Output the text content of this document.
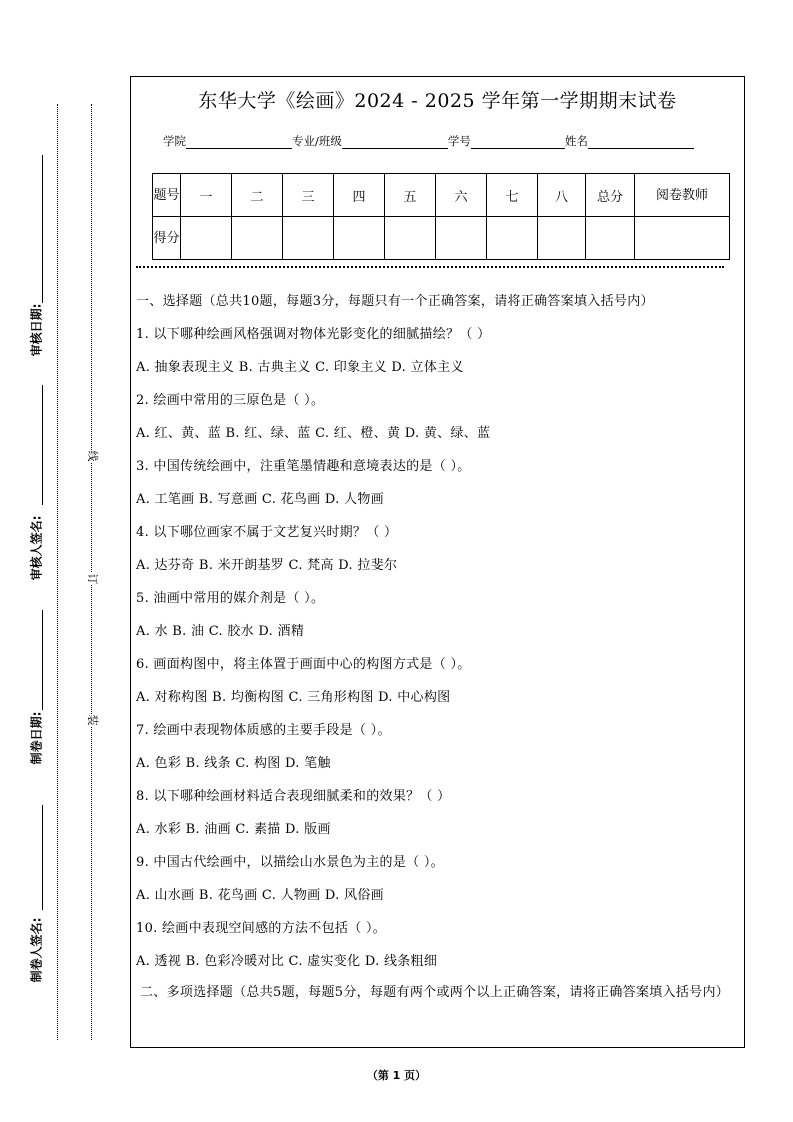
审核日期:
审核人签名:
制卷日期:
制卷人签名:
线
订
装
东华大学《绘画》2024 - 2025 学年第一学期期末试卷
学院	专业/班级	学号	姓名
题号	一	二	三	四	五	六	七	八	总分	阅卷教师
得分										

一、选择题（总共10题，每题3分，每题只有一个正确答案，请将正确答案填入括号内）

1. 以下哪种绘画风格强调对物体光影变化的细腻描绘？（ ）

A. 抽象表现主义 B. 古典主义 C. 印象主义 D. 立体主义

2. 绘画中常用的三原色是（ ）。

A. 红、黄、蓝 B. 红、绿、蓝 C. 红、橙、黄 D. 黄、绿、蓝

3. 中国传统绘画中，注重笔墨情趣和意境表达的是（ ）。

A. 工笔画 B. 写意画 C. 花鸟画 D. 人物画

4. 以下哪位画家不属于文艺复兴时期？（ ）

A. 达芬奇 B. 米开朗基罗 C. 梵高 D. 拉斐尔

5. 油画中常用的媒介剂是（ ）。

A. 水 B. 油 C. 胶水 D. 酒精

6. 画面构图中，将主体置于画面中心的构图方式是（ ）。

A. 对称构图 B. 均衡构图 C. 三角形构图 D. 中心构图

7. 绘画中表现物体质感的主要手段是（ ）。

A. 色彩 B. 线条 C. 构图 D. 笔触

8. 以下哪种绘画材料适合表现细腻柔和的效果？（ ）

A. 水彩 B. 油画 C. 素描 D. 版画

9. 中国古代绘画中，以描绘山水景色为主的是（ ）。

A. 山水画 B. 花鸟画 C. 人物画 D. 风俗画

10. 绘画中表现空间感的方法不包括（ ）。

A. 透视 B. 色彩冷暖对比 C. 虚实变化 D. 线条粗细

二、多项选择题（总共5题，每题5分，每题有两个或两个以上正确答案，请将正确答案填入括号内）

（第 1 页）
